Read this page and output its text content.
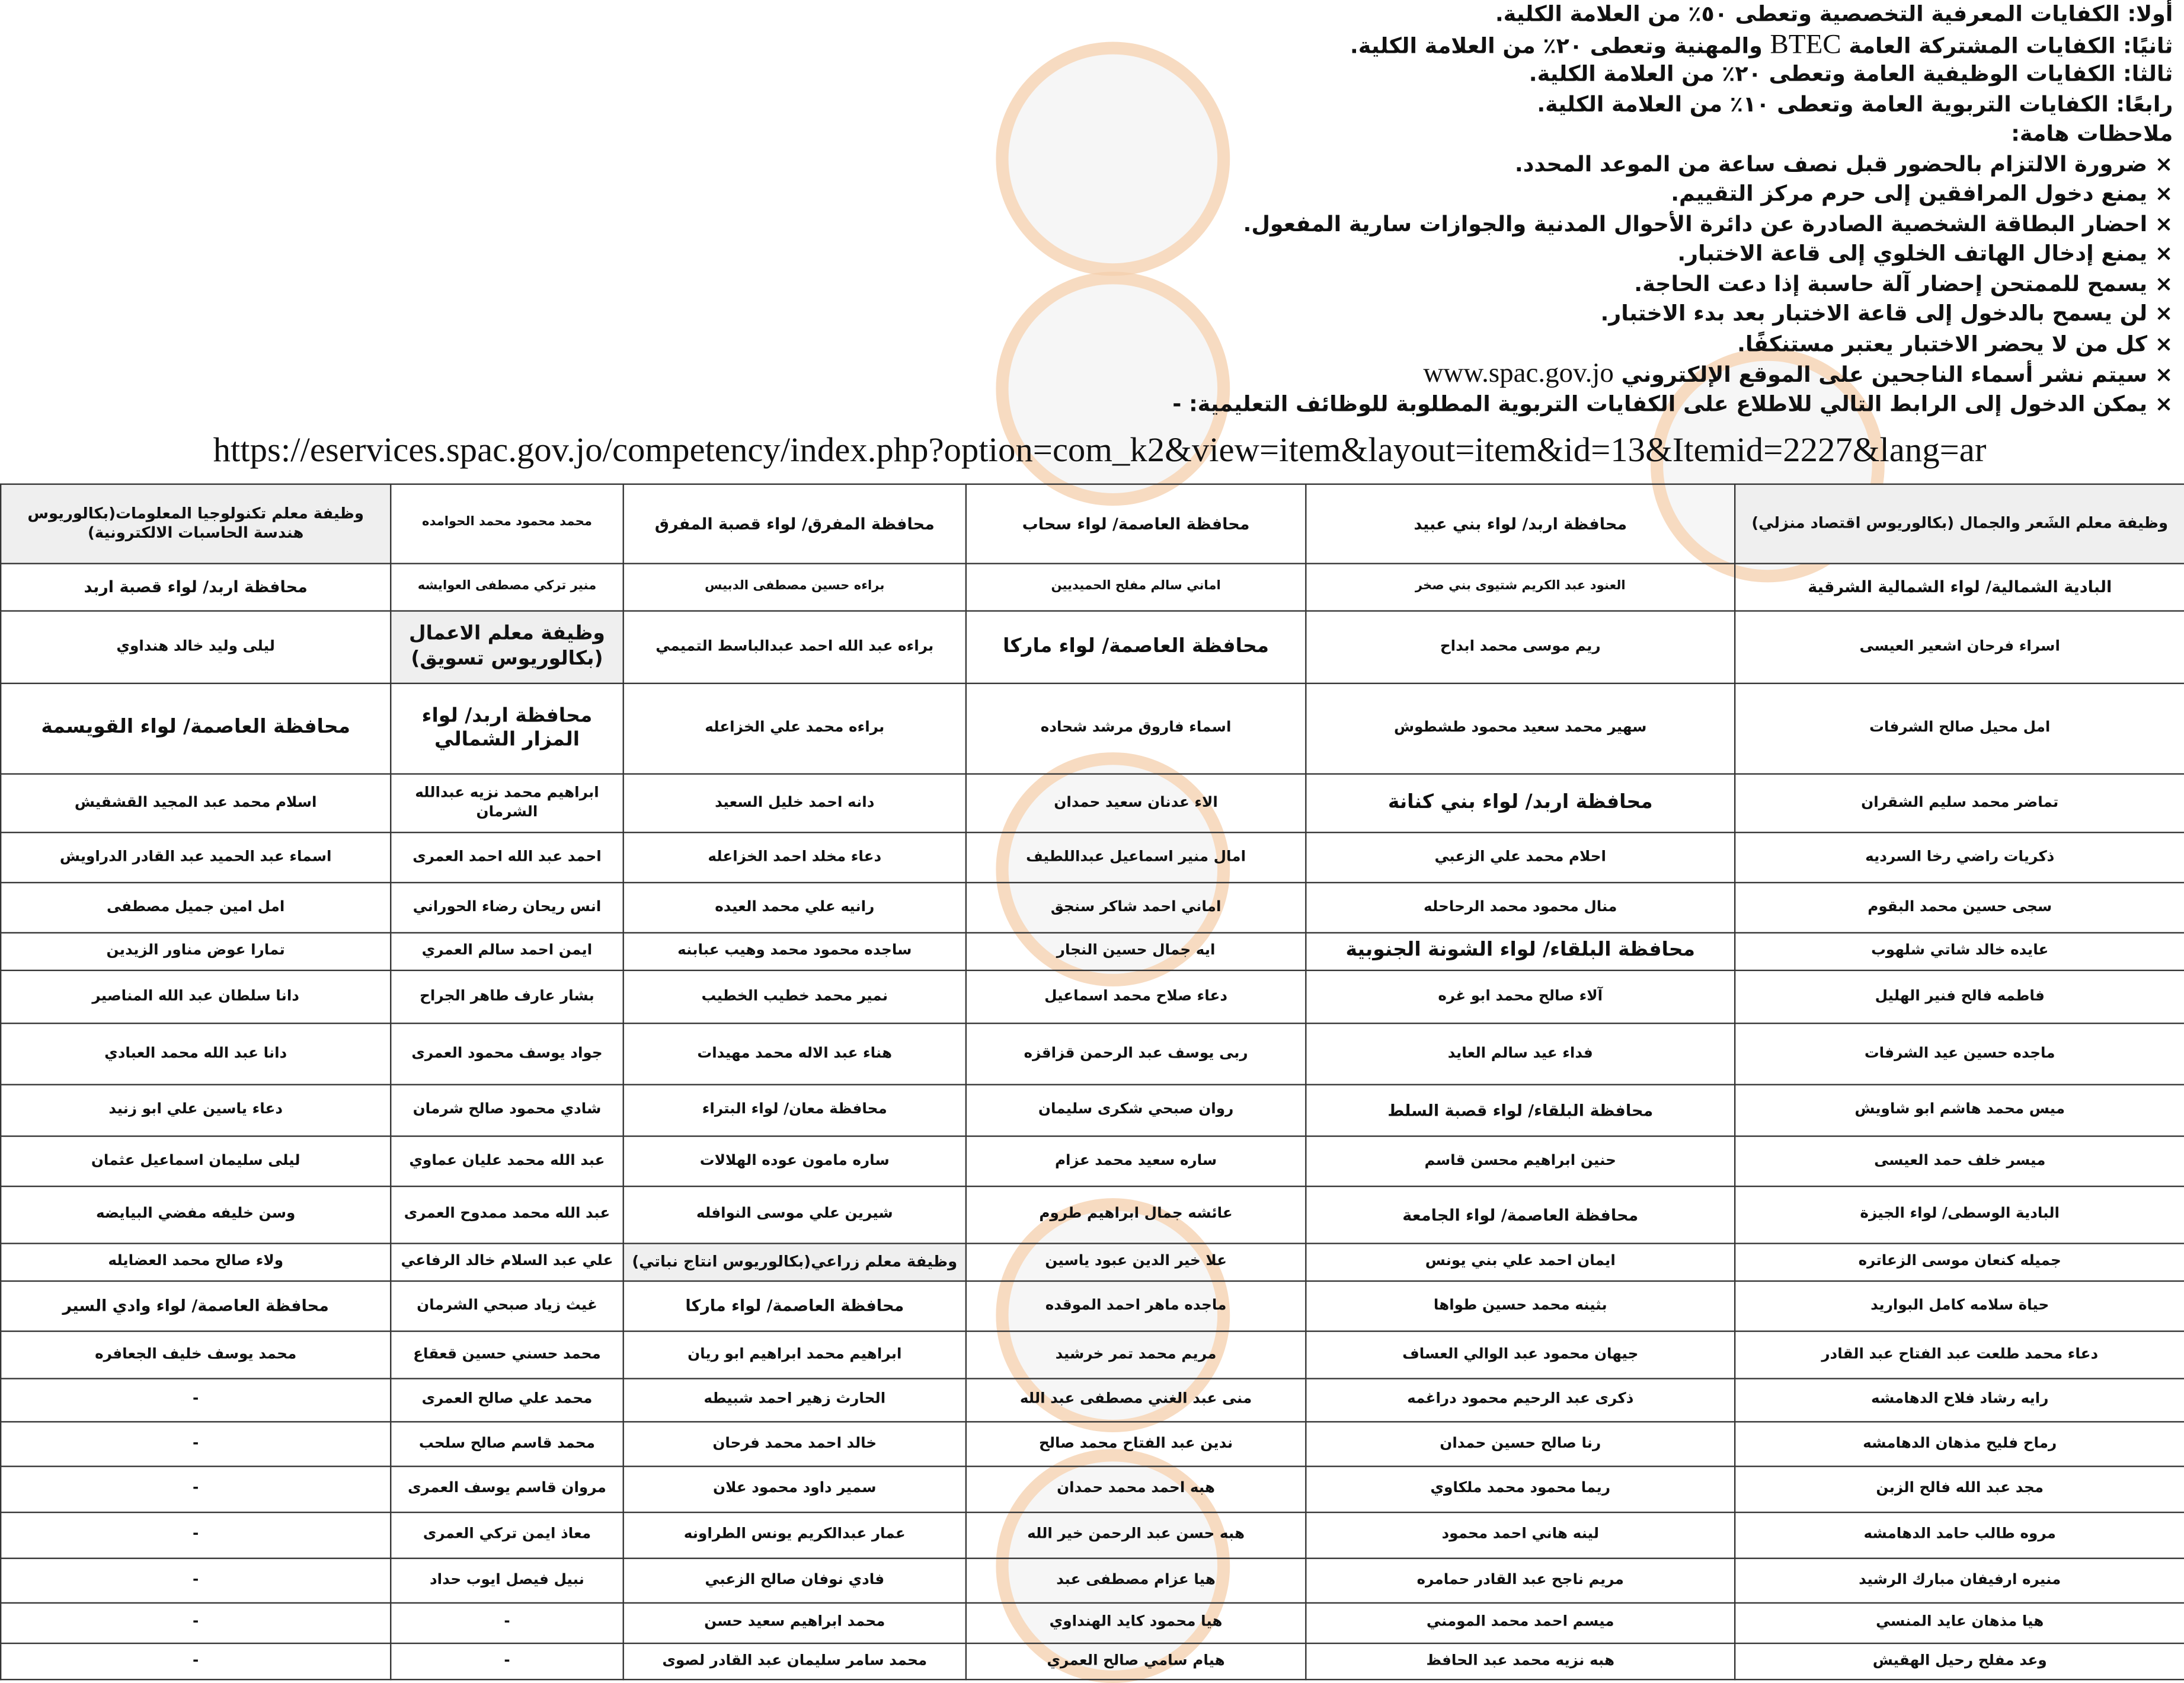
أولا: الكفايات المعرفية التخصصية وتعطى ٥٠٪ من العلامة الكلية.
ثانيًا: الكفايات المشتركة العامة BTEC والمهنية وتعطى ٢٠٪ من العلامة الكلية.
ثالثا: الكفايات الوظيفية العامة وتعطى ٢٠٪ من العلامة الكلية.
رابعًا: الكفايات التربوية العامة وتعطى ١٠٪ من العلامة الكلية.
ملاحظات هامة:
× ضرورة الالتزام بالحضور قبل نصف ساعة من الموعد المحدد.
× يمنع دخول المرافقين إلى حرم مركز التقييم.
× احضار البطاقة الشخصية الصادرة عن دائرة الأحوال المدنية والجوازات سارية المفعول.
× يمنع إدخال الهاتف الخلوي إلى قاعة الاختبار.
× يسمح للممتحن إحضار آلة حاسبة إذا دعت الحاجة.
× لن يسمح بالدخول إلى قاعة الاختبار بعد بدء الاختبار.
× كل من لا يحضر الاختبار يعتبر مستنكفًا.
× سيتم نشر أسماء الناجحين على الموقع الإلكتروني www.spac.gov.jo
× يمكن الدخول إلى الرابط التالي للاطلاع على الكفايات التربوية المطلوبة للوظائف التعليمية: -
https://eservices.spac.gov.jo/competency/index.php?option=com_k2&view=item&layout=item&id=13&Itemid=2227&lang=ar
وظيفة معلم الشَعر والجمال (بكالوريوس اقتصاد منزلي)	محافظة اربد/ لواء بني عبيد	محافظة العاصمة/ لواء سحاب	محافظة المفرق/ لواء قصبة المفرق	محمد محمود محمد الحوامده	وظيفة معلم تكنولوجيا المعلومات(بكالوريوس هندسة الحاسبات الالكترونية)
البادية الشمالية/ لواء الشمالية الشرقية	العنود عبد الكريم شتيوى بني صخر	اماني سالم مفلح الحميديين	براءه حسين مصطفى الدبيس	منير تركي مصطفى العوايشه	محافظة اربد/ لواء قصبة اربد
اسراء فرحان اشعير العيسى	ريم موسى محمد ابداح	محافظة العاصمة/ لواء ماركا	براءه عبد الله احمد عبدالباسط التميمي	وظيفة معلم الاعمال (بكالوريوس تسويق)	ليلى وليد خالد هنداوي
امل محيل صالح الشرفات	سهير محمد سعيد محمود طشطوش	اسماء فاروق مرشد شحاده	براءه محمد علي الخزاعله	محافظة اربد/ لواء المزار الشمالي	محافظة العاصمة/ لواء القويسمة
تماضر محمد سليم الشقران	محافظة اربد/ لواء بني كنانة	الاء عدنان سعيد حمدان	دانه احمد خليل السعيد	ابراهيم محمد نزيه عبدالله الشرمان	اسلام محمد عبد المجيد القشقيش
ذكريات راضي رخا السرديه	احلام محمد علي الزعبي	امال منير اسماعيل عبداللطيف	دعاء مخلد احمد الخزاعله	احمد عبد الله احمد العمرى	اسماء عبد الحميد عبد القادر الدراويش
سجى حسين محمد البقوم	منال محمود محمد الرحاحله	اماني احمد شاكر سنجق	رانيه علي محمد العيده	انس ريحان رضاء الحوراني	امل امين جميل مصطفى
عايده خالد شاتي شلهوب	محافظة البلقاء/ لواء الشونة الجنوبية	ايه جمال حسين النجار	ساجده محمود محمد وهيب عبابنه	ايمن احمد سالم العمري	تمارا عوض مناور الزيدين
فاطمه فالح فنير الهليل	آلاء صالح محمد ابو غره	دعاء صلاح محمد اسماعيل	نمير محمد خطيب الخطيب	بشار عارف طاهر الجراح	دانا سلطان عبد الله المناصير
ماجده حسين عيد الشرفات	فداء عيد سالم العايد	ربى يوسف عبد الرحمن قزاقزه	هناء عبد الاله محمد مهيدات	جواد يوسف محمود العمرى	دانا عبد الله محمد العبادي
ميس محمد هاشم ابو شاويش	محافظة البلقاء/ لواء قصبة السلط	روان صبحي شكرى سليمان	محافظة معان/ لواء البتراء	شادي محمود صالح شرمان	دعاء ياسين علي ابو زنيد
ميسر خلف حمد العيسى	حنين ابراهيم محسن قاسم	ساره سعيد محمد عزام	ساره مامون عوده الهلالات	عبد الله محمد عليان عماوي	ليلى سليمان اسماعيل عثمان
البادية الوسطى/ لواء الجيزة	محافظة العاصمة/ لواء الجامعة	عائشه جمال ابراهيم طروم	شيرين علي موسى النوافله	عبد الله محمد ممدوح العمرى	وسن خليفه مفضي البيايضه
جميله كنعان موسى الزعاتره	ايمان احمد علي بني يونس	علا خير الدين عبود ياسين	وظيفة معلم زراعي(بكالوريوس انتاج نباتي)	علي عبد السلام خالد الرفاعي	ولاء صالح محمد العضايله
حياة سلامه كامل البواريد	بثينه محمد حسين طواها	ماجده ماهر احمد الموقده	محافظة العاصمة/ لواء ماركا	غيث زياد صبحي الشرمان	محافظة العاصمة/ لواء وادي السير
دعاء محمد طلعت عبد الفتاح عبد القادر	جيهان محمود عبد الوالي العساف	مريم محمد تمر خرشيد	ابراهيم محمد ابراهيم ابو ريان	محمد حسني حسين قعقاع	محمد يوسف خليف الجعافره
رايه رشاد فلاح الدهامشه	ذكرى عبد الرحيم محمود دراغمه	منى عبد الغني مصطفى عبد الله	الحارث زهير احمد شبيطه	محمد علي صالح العمرى	-
رماح فليح مذهان الدهامشه	رنا صالح حسين حمدان	ندين عبد الفتاح محمد صالح	خالد احمد محمد فرحان	محمد قاسم صالح سلحب	-
مجد عبد الله فالح الزبن	ريما محمود محمد ملكاوي	هبه احمد محمد حمدان	سمير داود محمود علان	مروان قاسم يوسف العمرى	-
مروه طالب حامد الدهامشه	لينه هاني احمد محمود	هبه حسن عبد الرحمن خير الله	عمار عبدالكريم يونس الطراونه	معاذ ايمن تركي العمرى	-
منيره ارفيفان مبارك الرشيد	مريم ناجح عبد القادر حمامره	هيا عزام مصطفى عبد	فادي نوفان صالح الزعبي	نبيل فيصل ايوب حداد	-
هيا مذهان عايد المنسي	ميسم احمد محمد المومني	هيا محمود كايد الهنداوي	محمد ابراهيم سعيد حسن	-	-
وعد مفلح رحيل الهقيش	هبه نزيه محمد عبد الحافظ	هيام سامي صالح العمري	محمد سامر سليمان عبد القادر لصوى	-	-
